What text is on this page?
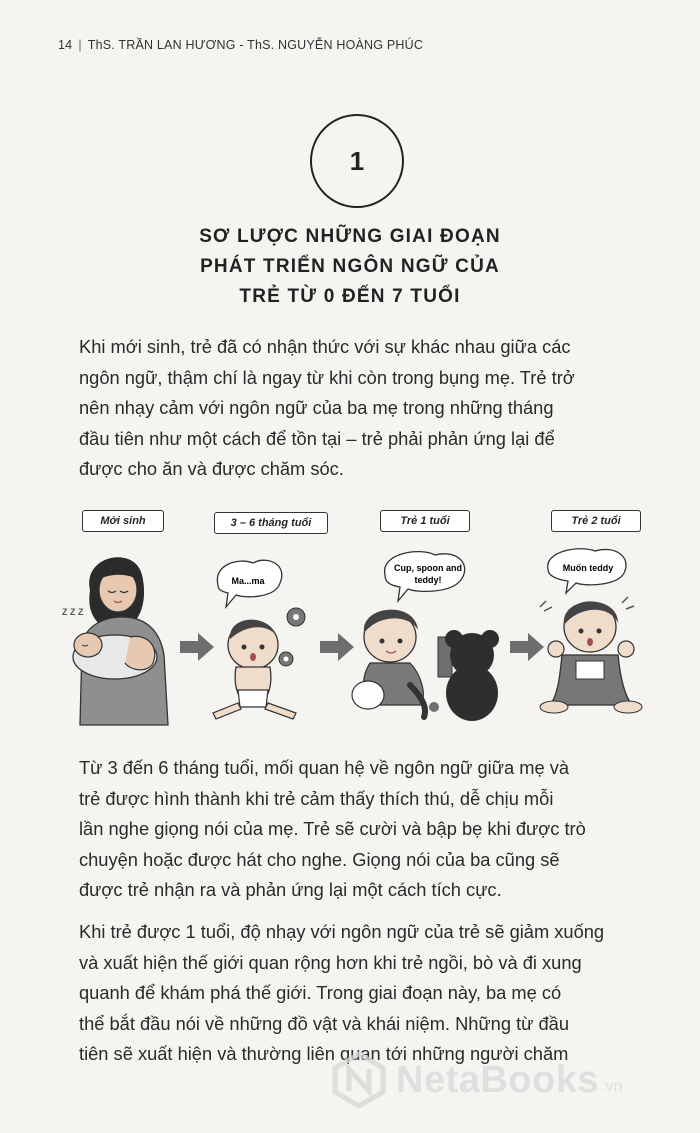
14 | ThS. TRẦN LAN HƯƠNG - ThS. NGUYỄN HOÀNG PHÚC
1
SƠ LƯỢC NHỮNG GIAI ĐOẠN
PHÁT TRIỂN NGÔN NGỮ CỦA
TRẺ TỪ 0 ĐẾN 7 TUỔI
Khi mới sinh, trẻ đã có nhận thức với sự khác nhau giữa các
ngôn ngữ, thậm chí là ngay từ khi còn trong bụng mẹ. Trẻ trở
nên nhạy cảm với ngôn ngữ của ba mẹ trong những tháng
đầu tiên như một cách để tồn tại – trẻ phải phản ứng lại để
được cho ăn và được chăm sóc.
Mới sinh	3 – 6 tháng tuổi	Trẻ 1 tuổi	Trẻ 2 tuổi
Z Z Z
Ma...ma
Cup, spoon and
teddy!
Muốn teddy
Từ 3 đến 6 tháng tuổi, mối quan hệ về ngôn ngữ giữa mẹ và
trẻ được hình thành khi trẻ cảm thấy thích thú, dễ chịu mỗi
lần nghe giọng nói của mẹ. Trẻ sẽ cười và bập bẹ khi được trò
chuyện hoặc được hát cho nghe. Giọng nói của ba cũng sẽ
được trẻ nhận ra và phản ứng lại một cách tích cực.
Khi trẻ được 1 tuổi, độ nhạy với ngôn ngữ của trẻ sẽ giảm xuống
và xuất hiện thế giới quan rộng hơn khi trẻ ngồi, bò và đi xung
quanh để khám phá thế giới. Trong giai đoạn này, ba mẹ có
thể bắt đầu nói về những đồ vật và khái niệm. Những từ đầu
tiên sẽ xuất hiện và thường liên quan tới những người chăm
NetaBooks .vn
